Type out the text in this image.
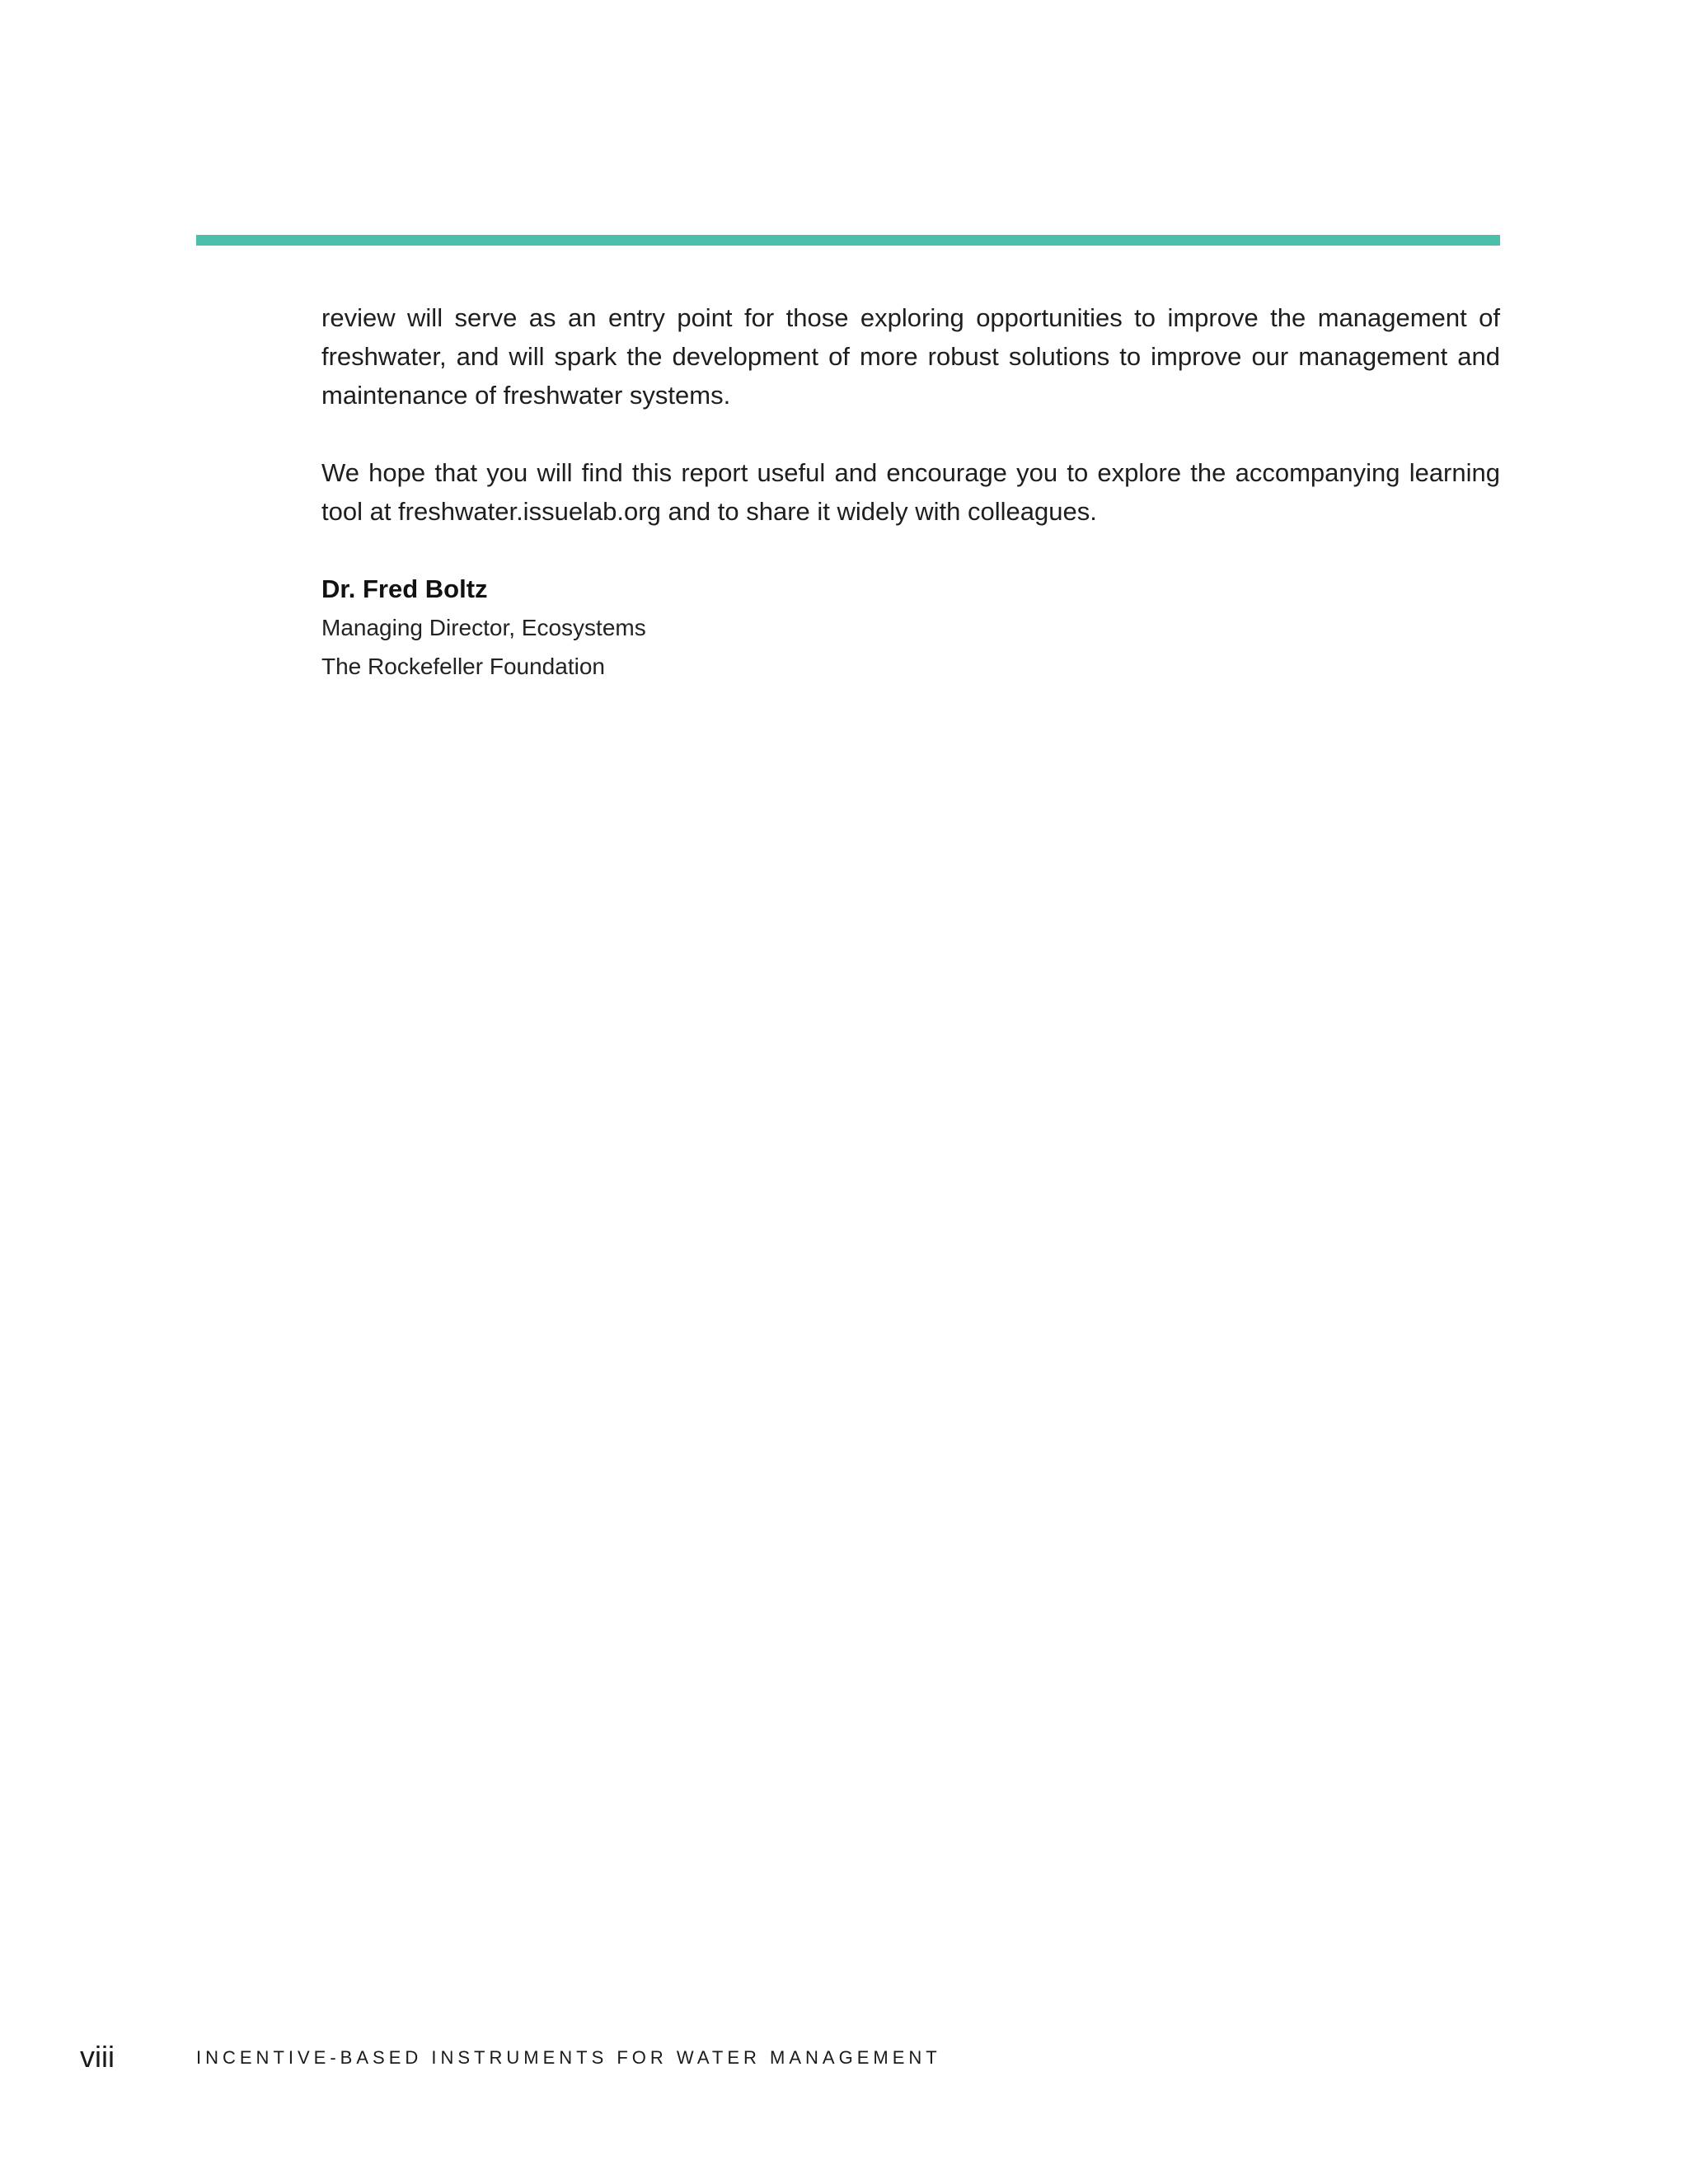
review will serve as an entry point for those exploring opportunities to improve the management of freshwater, and will spark the development of more robust solutions to improve our management and maintenance of freshwater systems.

We hope that you will find this report useful and encourage you to explore the accompanying learning tool at freshwater.issuelab.org and to share it widely with colleagues.

Dr. Fred Boltz
Managing Director, Ecosystems
The Rockefeller Foundation
viii	INCENTIVE-BASED INSTRUMENTS FOR WATER MANAGEMENT
